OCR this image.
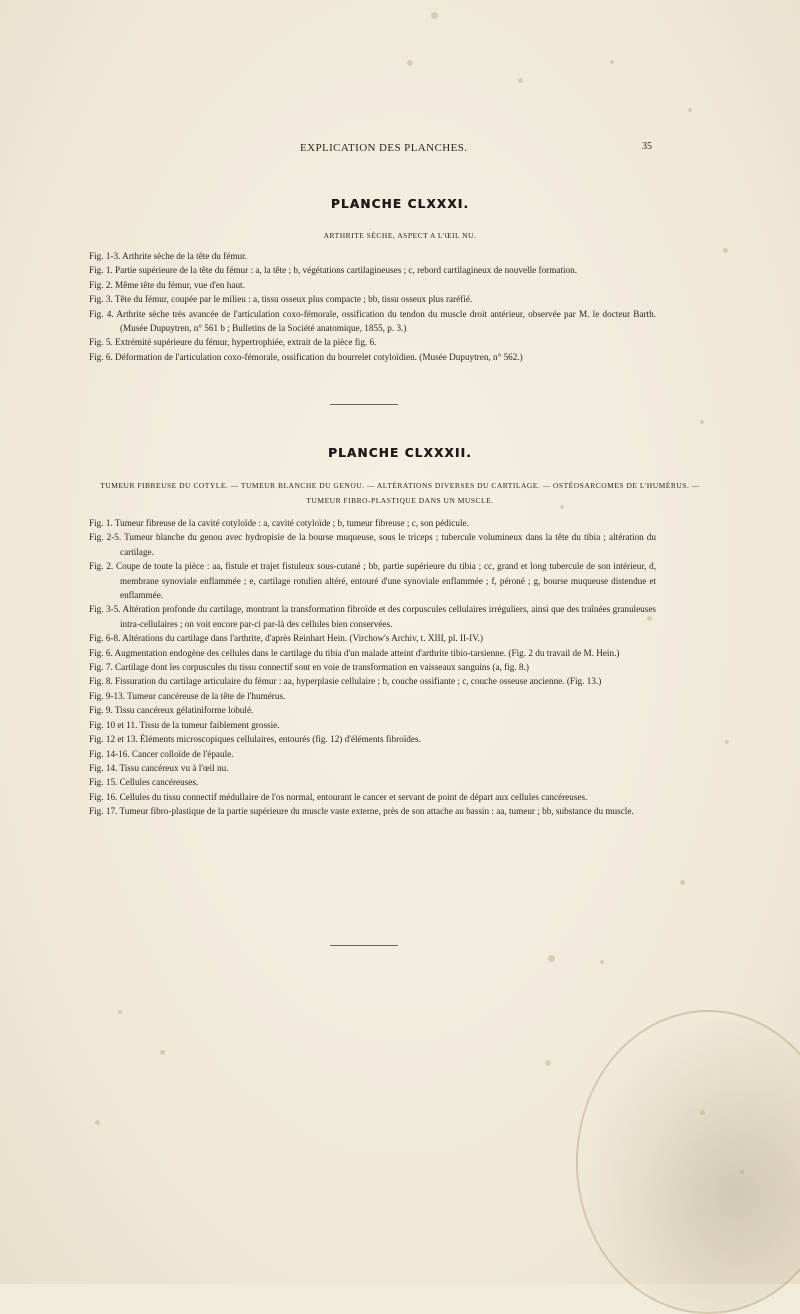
EXPLICATION DES PLANCHES.	35
PLANCHE CLXXXI.
ARTHRITE SÈCHE, ASPECT A L'ŒIL NU.
Fig. 1-3. Arthrite sèche de la tête du fémur.
Fig. 1. Partie supérieure de la tête du fémur : a, la tête ; b, végétations cartilagineuses ; c, rebord cartilagineux de nouvelle formation.
Fig. 2. Même tête du fémur, vue d'en haut.
Fig. 3. Tête du fémur, coupée par le milieu : a, tissu osseux plus compacte ; bb, tissu osseux plus raréfié.
Fig. 4. Arthrite sèche très avancée de l'articulation coxo-fémorale, ossification du tendon du muscle droit antérieur, observée par M. le docteur Barth. (Musée Dupuytren, n° 561 b ; Bulletins de la Société anatomique, 1855, p. 3.)
Fig. 5. Extrémité supérieure du fémur, hypertrophiée, extrait de la pièce fig. 6.
Fig. 6. Déformation de l'articulation coxo-fémorale, ossification du bourrelet cotyloïdien. (Musée Dupuytren, n° 562.)
PLANCHE CLXXXII.
TUMEUR FIBREUSE DU COTYLE. — TUMEUR BLANCHE DU GENOU. — ALTÉRATIONS DIVERSES DU CARTILAGE. — OSTÉOSARCOMES DE L'HUMÉRUS. —
TUMEUR FIBRO-PLASTIQUE DANS UN MUSCLE.
Fig. 1. Tumeur fibreuse de la cavité cotyloïde : a, cavité cotyloïde ; b, tumeur fibreuse ; c, son pédicule.
Fig. 2-5. Tumeur blanche du genou avec hydropisie de la bourse muqueuse, sous le triceps ; tubercule volumineux dans la tête du tibia ; altération du cartilage.
Fig. 2. Coupe de toute la pièce : aa, fistule et trajet fistuleux sous-cutané ; bb, partie supérieure du tibia ; cc, grand et long tubercule de son intérieur, d, membrane synoviale enflammée ; e, cartilage rotulien altéré, entouré d'une synoviale enflammée ; f, péroné ; g, bourse muqueuse distendue et enflammée.
Fig. 3-5. Altération profonde du cartilage, montrant la transformation fibroïde et des corpuscules cellulaires irréguliers, ainsi que des traînées granuleuses intra-cellulaires ; on voit encore par-ci par-là des cellules bien conservées.
Fig. 6-8. Altérations du cartilage dans l'arthrite, d'après Reinhart Hein. (Virchow's Archiv, t. XIII, pl. II-IV.)
Fig. 6. Augmentation endogène des cellules dans le cartilage du tibia d'un malade atteint d'arthrite tibio-tarsienne. (Fig. 2 du travail de M. Hein.)
Fig. 7. Cartilage dont les corpuscules du tissu connectif sont en voie de transformation en vaisseaux sanguins (a, fig. 8.)
Fig. 8. Fissuration du cartilage articulaire du fémur : aa, hyperplasie cellulaire ; b, couche ossifiante ; c, couche osseuse ancienne. (Fig. 13.)
Fig. 9-13. Tumeur cancéreuse de la tête de l'humérus.
Fig. 9. Tissu cancéreux gélatiniforme lobulé.
Fig. 10 et 11. Tissu de la tumeur faiblement grossie.
Fig. 12 et 13. Éléments microscopiques cellulaires, entourés (fig. 12) d'éléments fibroïdes.
Fig. 14-16. Cancer colloïde de l'épaule.
Fig. 14. Tissu cancéreux vu à l'œil nu.
Fig. 15. Cellules cancéreuses.
Fig. 16. Cellules du tissu connectif médullaire de l'os normal, entourant le cancer et servant de point de départ aux cellules cancéreuses.
Fig. 17. Tumeur fibro-plastique de la partie supérieure du muscle vaste externe, près de son attache au bassin : aa, tumeur ; bb, substance du muscle.
